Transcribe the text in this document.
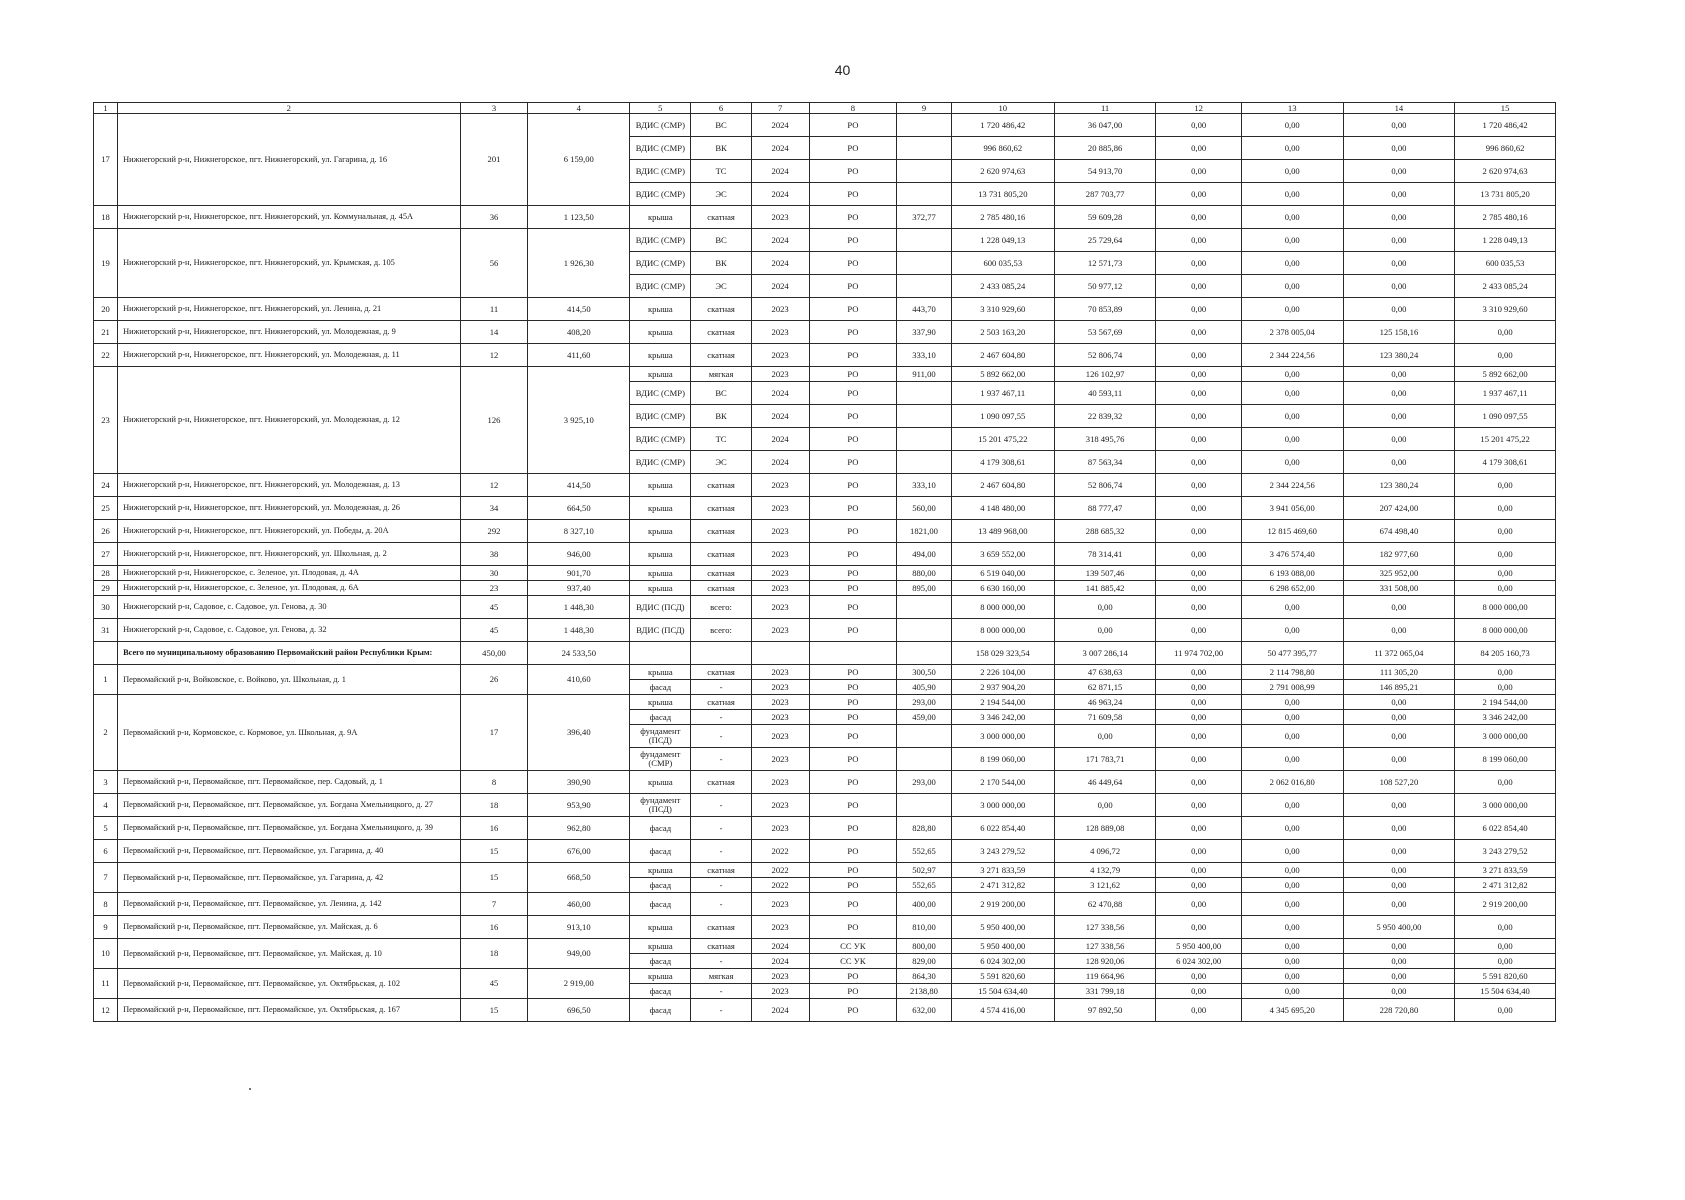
40
1	2	3	4	5	6	7	8	9	10	11	12	13	14	15
17	Нижнегорский р-н, Нижнегорское, пгт. Нижнегорский, ул. Гагарина, д. 16	201	6 159,00	ВДИС (СМР)	ВС	2024	РО		1 720 486,42	36 047,00	0,00	0,00	0,00	1 720 486,42
				ВДИС (СМР)	ВК	2024	РО		996 860,62	20 885,86	0,00	0,00	0,00	996 860,62
				ВДИС (СМР)	ТС	2024	РО		2 620 974,63	54 913,70	0,00	0,00	0,00	2 620 974,63
				ВДИС (СМР)	ЭС	2024	РО		13 731 805,20	287 703,77	0,00	0,00	0,00	13 731 805,20
18	Нижнегорский р-н, Нижнегорское, пгт. Нижнегорский, ул. Коммунальная, д. 45А	36	1 123,50	крыша	скатная	2023	РО	372,77	2 785 480,16	59 609,28	0,00	0,00	0,00	2 785 480,16
19	Нижнегорский р-н, Нижнегорское, пгт. Нижнегорский, ул. Крымская, д. 105	56	1 926,30	ВДИС (СМР)	ВС	2024	РО		1 228 049,13	25 729,64	0,00	0,00	0,00	1 228 049,13
				ВДИС (СМР)	ВК	2024	РО		600 035,53	12 571,73	0,00	0,00	0,00	600 035,53
				ВДИС (СМР)	ЭС	2024	РО		2 433 085,24	50 977,12	0,00	0,00	0,00	2 433 085,24
20	Нижнегорский р-н, Нижнегорское, пгт. Нижнегорский, ул. Ленина, д. 21	11	414,50	крыша	скатная	2023	РО	443,70	3 310 929,60	70 853,89	0,00	0,00	0,00	3 310 929,60
21	Нижнегорский р-н, Нижнегорское, пгт. Нижнегорский, ул. Молодежная, д. 9	14	408,20	крыша	скатная	2023	РО	337,90	2 503 163,20	53 567,69	0,00	2 378 005,04	125 158,16	0,00
22	Нижнегорский р-н, Нижнегорское, пгт. Нижнегорский, ул. Молодежная, д. 11	12	411,60	крыша	скатная	2023	РО	333,10	2 467 604,80	52 806,74	0,00	2 344 224,56	123 380,24	0,00
23	Нижнегорский р-н, Нижнегорское, пгт. Нижнегорский, ул. Молодежная, д. 12	126	3 925,10	крыша	мягкая	2023	РО	911,00	5 892 662,00	126 102,97	0,00	0,00	0,00	5 892 662,00
				ВДИС (СМР)	ВС	2024	РО		1 937 467,11	40 593,11	0,00	0,00	0,00	1 937 467,11
				ВДИС (СМР)	ВК	2024	РО		1 090 097,55	22 839,32	0,00	0,00	0,00	1 090 097,55
				ВДИС (СМР)	ТС	2024	РО		15 201 475,22	318 495,76	0,00	0,00	0,00	15 201 475,22
				ВДИС (СМР)	ЭС	2024	РО		4 179 308,61	87 563,34	0,00	0,00	0,00	4 179 308,61
24	Нижнегорский р-н, Нижнегорское, пгт. Нижнегорский, ул. Молодежная, д. 13	12	414,50	крыша	скатная	2023	РО	333,10	2 467 604,80	52 806,74	0,00	2 344 224,56	123 380,24	0,00
25	Нижнегорский р-н, Нижнегорское, пгт. Нижнегорский, ул. Молодежная, д. 26	34	664,50	крыша	скатная	2023	РО	560,00	4 148 480,00	88 777,47	0,00	3 941 056,00	207 424,00	0,00
26	Нижнегорский р-н, Нижнегорское, пгт. Нижнегорский, ул. Победы, д. 20А	292	8 327,10	крыша	скатная	2023	РО	1821,00	13 489 968,00	288 685,32	0,00	12 815 469,60	674 498,40	0,00
27	Нижнегорский р-н, Нижнегорское, пгт. Нижнегорский, ул. Школьная, д. 2	38	946,00	крыша	скатная	2023	РО	494,00	3 659 552,00	78 314,41	0,00	3 476 574,40	182 977,60	0,00
28	Нижнегорский р-н, Нижнегорское, с. Зеленое, ул. Плодовая, д. 4А	30	901,70	крыша	скатная	2023	РО	880,00	6 519 040,00	139 507,46	0,00	6 193 088,00	325 952,00	0,00
29	Нижнегорский р-н, Нижнегорское, с. Зеленое, ул. Плодовая, д. 6А	23	937,40	крыша	скатная	2023	РО	895,00	6 630 160,00	141 885,42	0,00	6 298 652,00	331 508,00	0,00
30	Нижнегорский р-н, Садовое, с. Садовое, ул. Генова, д. 30	45	1 448,30	ВДИС (ПСД)	всего:	2023	РО		8 000 000,00	0,00	0,00	0,00	0,00	8 000 000,00
31	Нижнегорский р-н, Садовое, с. Садовое, ул. Генова, д. 32	45	1 448,30	ВДИС (ПСД)	всего:	2023	РО		8 000 000,00	0,00	0,00	0,00	0,00	8 000 000,00
	Всего по муниципальному образованию Первомайский район Республики Крым:	450,00	24 533,50						158 029 323,54	3 007 286,14	11 974 702,00	50 477 395,77	11 372 065,04	84 205 160,73
1	Первомайский р-н, Войковское, с. Войково, ул. Школьная, д. 1	26	410,60	крыша	скатная	2023	РО	300,50	2 226 104,00	47 638,63	0,00	2 114 798,80	111 305,20	0,00
				фасад	-	2023	РО	405,90	2 937 904,20	62 871,15	0,00	2 791 008,99	146 895,21	0,00
2	Первомайский р-н, Кормовское, с. Кормовое, ул. Школьная, д. 9А	17	396,40	крыша	скатная	2023	РО	293,00	2 194 544,00	46 963,24	0,00	0,00	0,00	2 194 544,00
				фасад	-	2023	РО	459,00	3 346 242,00	71 609,58	0,00	0,00	0,00	3 346 242,00
				фундамент (ПСД)	-	2023	РО		3 000 000,00	0,00	0,00	0,00	0,00	3 000 000,00
				фундамент (СМР)	-	2023	РО		8 199 060,00	171 783,71	0,00	0,00	0,00	8 199 060,00
3	Первомайский р-н, Первомайское, пгт. Первомайское, пер. Садовый, д. 1	8	390,90	крыша	скатная	2023	РО	293,00	2 170 544,00	46 449,64	0,00	2 062 016,80	108 527,20	0,00
4	Первомайский р-н, Первомайское, пгт. Первомайское, ул. Богдана Хмельницкого, д. 27	18	953,90	фундамент (ПСД)	-	2023	РО		3 000 000,00	0,00	0,00	0,00	0,00	3 000 000,00
5	Первомайский р-н, Первомайское, пгт. Первомайское, ул. Богдана Хмельницкого, д. 39	16	962,80	фасад	-	2023	РО	828,80	6 022 854,40	128 889,08	0,00	0,00	0,00	6 022 854,40
6	Первомайский р-н, Первомайское, пгт. Первомайское, ул. Гагарина, д. 40	15	676,00	фасад	-	2022	РО	552,65	3 243 279,52	4 096,72	0,00	0,00	0,00	3 243 279,52
7	Первомайский р-н, Первомайское, пгт. Первомайское, ул. Гагарина, д. 42	15	668,50	крыша	скатная	2022	РО	502,97	3 271 833,59	4 132,79	0,00	0,00	0,00	3 271 833,59
				фасад	-	2022	РО	552,65	2 471 312,82	3 121,62	0,00	0,00	0,00	2 471 312,82
8	Первомайский р-н, Первомайское, пгт. Первомайское, ул. Ленина, д. 142	7	460,00	фасад	-	2023	РО	400,00	2 919 200,00	62 470,88	0,00	0,00	0,00	2 919 200,00
9	Первомайский р-н, Первомайское, пгт. Первомайское, ул. Майская, д. 6	16	913,10	крыша	скатная	2023	РО	810,00	5 950 400,00	127 338,56	0,00	0,00	5 950 400,00	0,00
10	Первомайский р-н, Первомайское, пгт. Первомайское, ул. Майская, д. 10	18	949,00	крыша	скатная	2024	СС УК	800,00	5 950 400,00	127 338,56	5 950 400,00	0,00	0,00	0,00
				фасад	-	2024	СС УК	829,00	6 024 302,00	128 920,06	6 024 302,00	0,00	0,00	0,00
11	Первомайский р-н, Первомайское, пгт. Первомайское, ул. Октябрьская, д. 102	45	2 919,00	крыша	мягкая	2023	РО	864,30	5 591 820,60	119 664,96	0,00	0,00	0,00	5 591 820,60
				фасад	-	2023	РО	2138,80	15 504 634,40	331 799,18	0,00	0,00	0,00	15 504 634,40
12	Первомайский р-н, Первомайское, пгт. Первомайское, ул. Октябрьская, д. 167	15	696,50	фасад	-	2024	РО	632,00	4 574 416,00	97 892,50	0,00	4 345 695,20	228 720,80	0,00
